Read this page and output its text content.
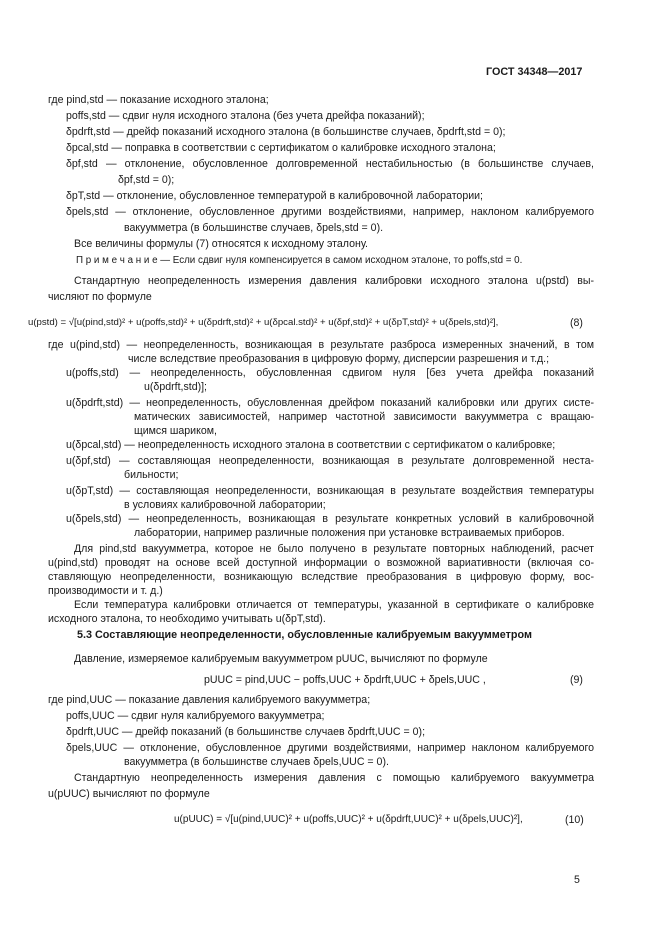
ГОСТ 34348—2017
где pind,std — показание исходного эталона;
poffs,std — сдвиг нуля исходного эталона (без учета дрейфа показаний);
δpdrft,std — дрейф показаний исходного эталона (в большинстве случаев, δpdrft,std = 0);
δpcal,std — поправка в соответствии с сертификатом о калибровке исходного эталона;
δpf,std — отклонение, обусловленное долговременной нестабильностью (в большинстве случаев,
δpf,std = 0);
δpT,std — отклонение, обусловленное температурой в калибровочной лаборатории;
δpels,std — отклонение, обусловленное другими воздействиями, например, наклоном калибруемого
вакуумметра (в большинстве случаев, δpels,std = 0).
Все величины формулы (7) относятся к исходному эталону.
П р и м е ч а н и е — Если сдвиг нуля компенсируется в самом исходном эталоне, то poffs,std = 0.
Стандартную неопределенность измерения давления калибровки исходного эталона u(pstd) вы-
числяют по формуле
u(pstd) = √[u(pind,std)² + u(poffs,std)² + u(δpdrft,std)² + u(δpcal.std)² + u(δpf,std)² + u(δpT,std)² + u(δpels,std)²],	(8)
где u(pind,std) — неопределенность, возникающая в результате разброса измеренных значений, в том
числе вследствие преобразования в цифровую форму, дисперсии разрешения и т.д.;
u(poffs,std) — неопределенность, обусловленная сдвигом нуля [без учета дрейфа показаний
u(δpdrft,std)];
u(δpdrft,std) — неопределенность, обусловленная дрейфом показаний калибровки или других систе-
матических зависимостей, например частотной зависимости вакуумметра с вращаю-
щимся шариком,
u(δpcal,std) — неопределенность исходного эталона в соответствии с сертификатом о калибровке;
u(δpf,std) — составляющая неопределенности, возникающая в результате долговременной неста-
бильности;
u(δpT,std) — составляющая неопределенности, возникающая в результате воздействия температуры
в условиях калибровочной лаборатории;
u(δpels,std) — неопределенность, возникающая в результате конкретных условий в калибровочной
лаборатории, например различные положения при установке встраиваемых приборов.
Для pind,std вакуумметра, которое не было получено в результате повторных наблюдений, расчет
u(pind,std) проводят на основе всей доступной информации о возможной вариативности (включая со-
ставляющую неопределенности, возникающую вследствие преобразования в цифровую форму, вос-
производимости и т. д.)
Если температура калибровки отличается от температуры, указанной в сертификате о калибровке
исходного эталона, то необходимо учитывать u(δpT,std).
5.3 Составляющие неопределенности, обусловленные калибруемым вакуумметром
Давление, измеряемое калибруемым вакуумметром pUUC, вычисляют по формуле
pUUC = pind,UUC − poffs,UUC + δpdrft,UUC + δpels,UUC ,	(9)
где pind,UUC — показание давления калибруемого вакуумметра;
poffs,UUC — сдвиг нуля калибруемого вакуумметра;
δpdrft,UUC — дрейф показаний (в большинстве случаев δpdrft,UUC = 0);
δpels,UUC — отклонение, обусловленное другими воздействиями, например наклоном калибруемого
вакуумметра (в большинстве случаев δpels,UUC = 0).
Стандартную неопределенность измерения давления с помощью калибруемого вакуумметра
u(pUUC) вычисляют по формуле
u(pUUC) = √[u(pind,UUC)² + u(poffs,UUC)² + u(δpdrft,UUC)² + u(δpels,UUC)²],	(10)
5
